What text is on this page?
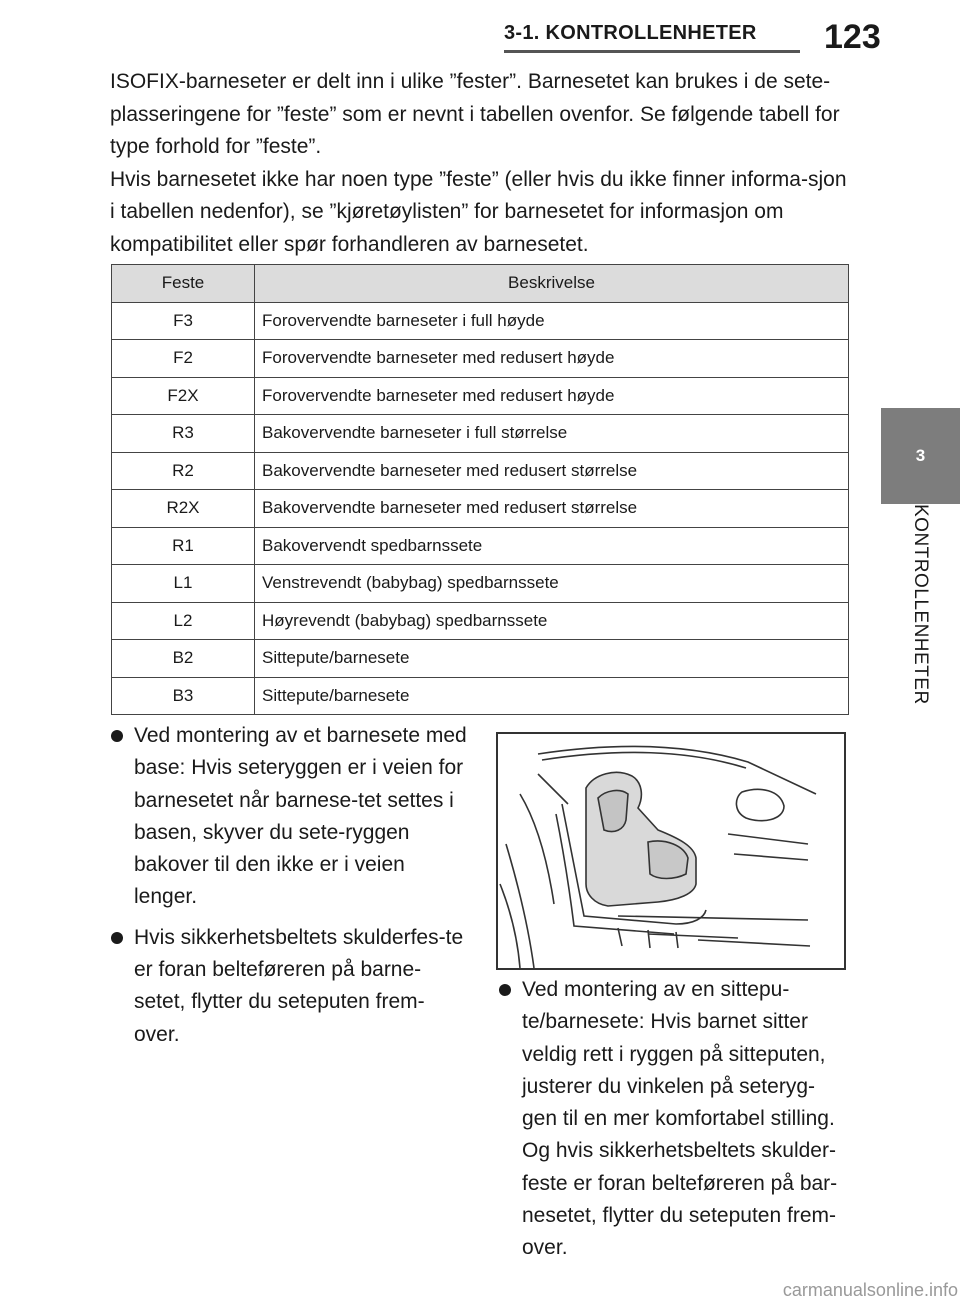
3-1. KONTROLLENHETER	123
3
KONTROLLENHETER

ISOFIX-barneseter er delt inn i ulike ”fester”. Barnesetet kan brukes i de sete-plasseringene for ”feste” som er nevnt i tabellen ovenfor. Se følgende tabell for type forhold for ”feste”.

Hvis barnesetet ikke har noen type ”feste” (eller hvis du ikke finner informa-sjon i tabellen nedenfor), se ”kjøretøylisten” for barnesetet for informasjon om kompatibilitet eller spør forhandleren av barnesetet.

Feste	Beskrivelse
F3	Forovervendte barneseter i full høyde
F2	Forovervendte barneseter med redusert høyde
F2X	Forovervendte barneseter med redusert høyde
R3	Bakovervendte barneseter i full størrelse
R2	Bakovervendte barneseter med redusert størrelse
R2X	Bakovervendte barneseter med redusert størrelse
R1	Bakovervendt spedbarnssete
L1	Venstrevendt (babybag) spedbarnssete
L2	Høyrevendt (babybag) spedbarnssete
B2	Sittepute/barnesete
B3	Sittepute/barnesete
Ved montering av et barnesete med base: Hvis seteryggen er i veien for barnesetet når barnese-tet settes i basen, skyver du sete-ryggen bakover til den ikke er i veien lenger.
Hvis sikkerhetsbeltets skulderfes-te er foran belteføreren på barne-setet, flytter du seteputen frem-over.
Ved montering av en sittepu-te/barnesete: Hvis barnet sitter veldig rett i ryggen på sitteputen, justerer du vinkelen på seteryg-gen til en mer komfortabel stilling. Og hvis sikkerhetsbeltets skulder-feste er foran belteføreren på bar-nesetet, flytter du seteputen frem-over.
carmanualsonline.info
